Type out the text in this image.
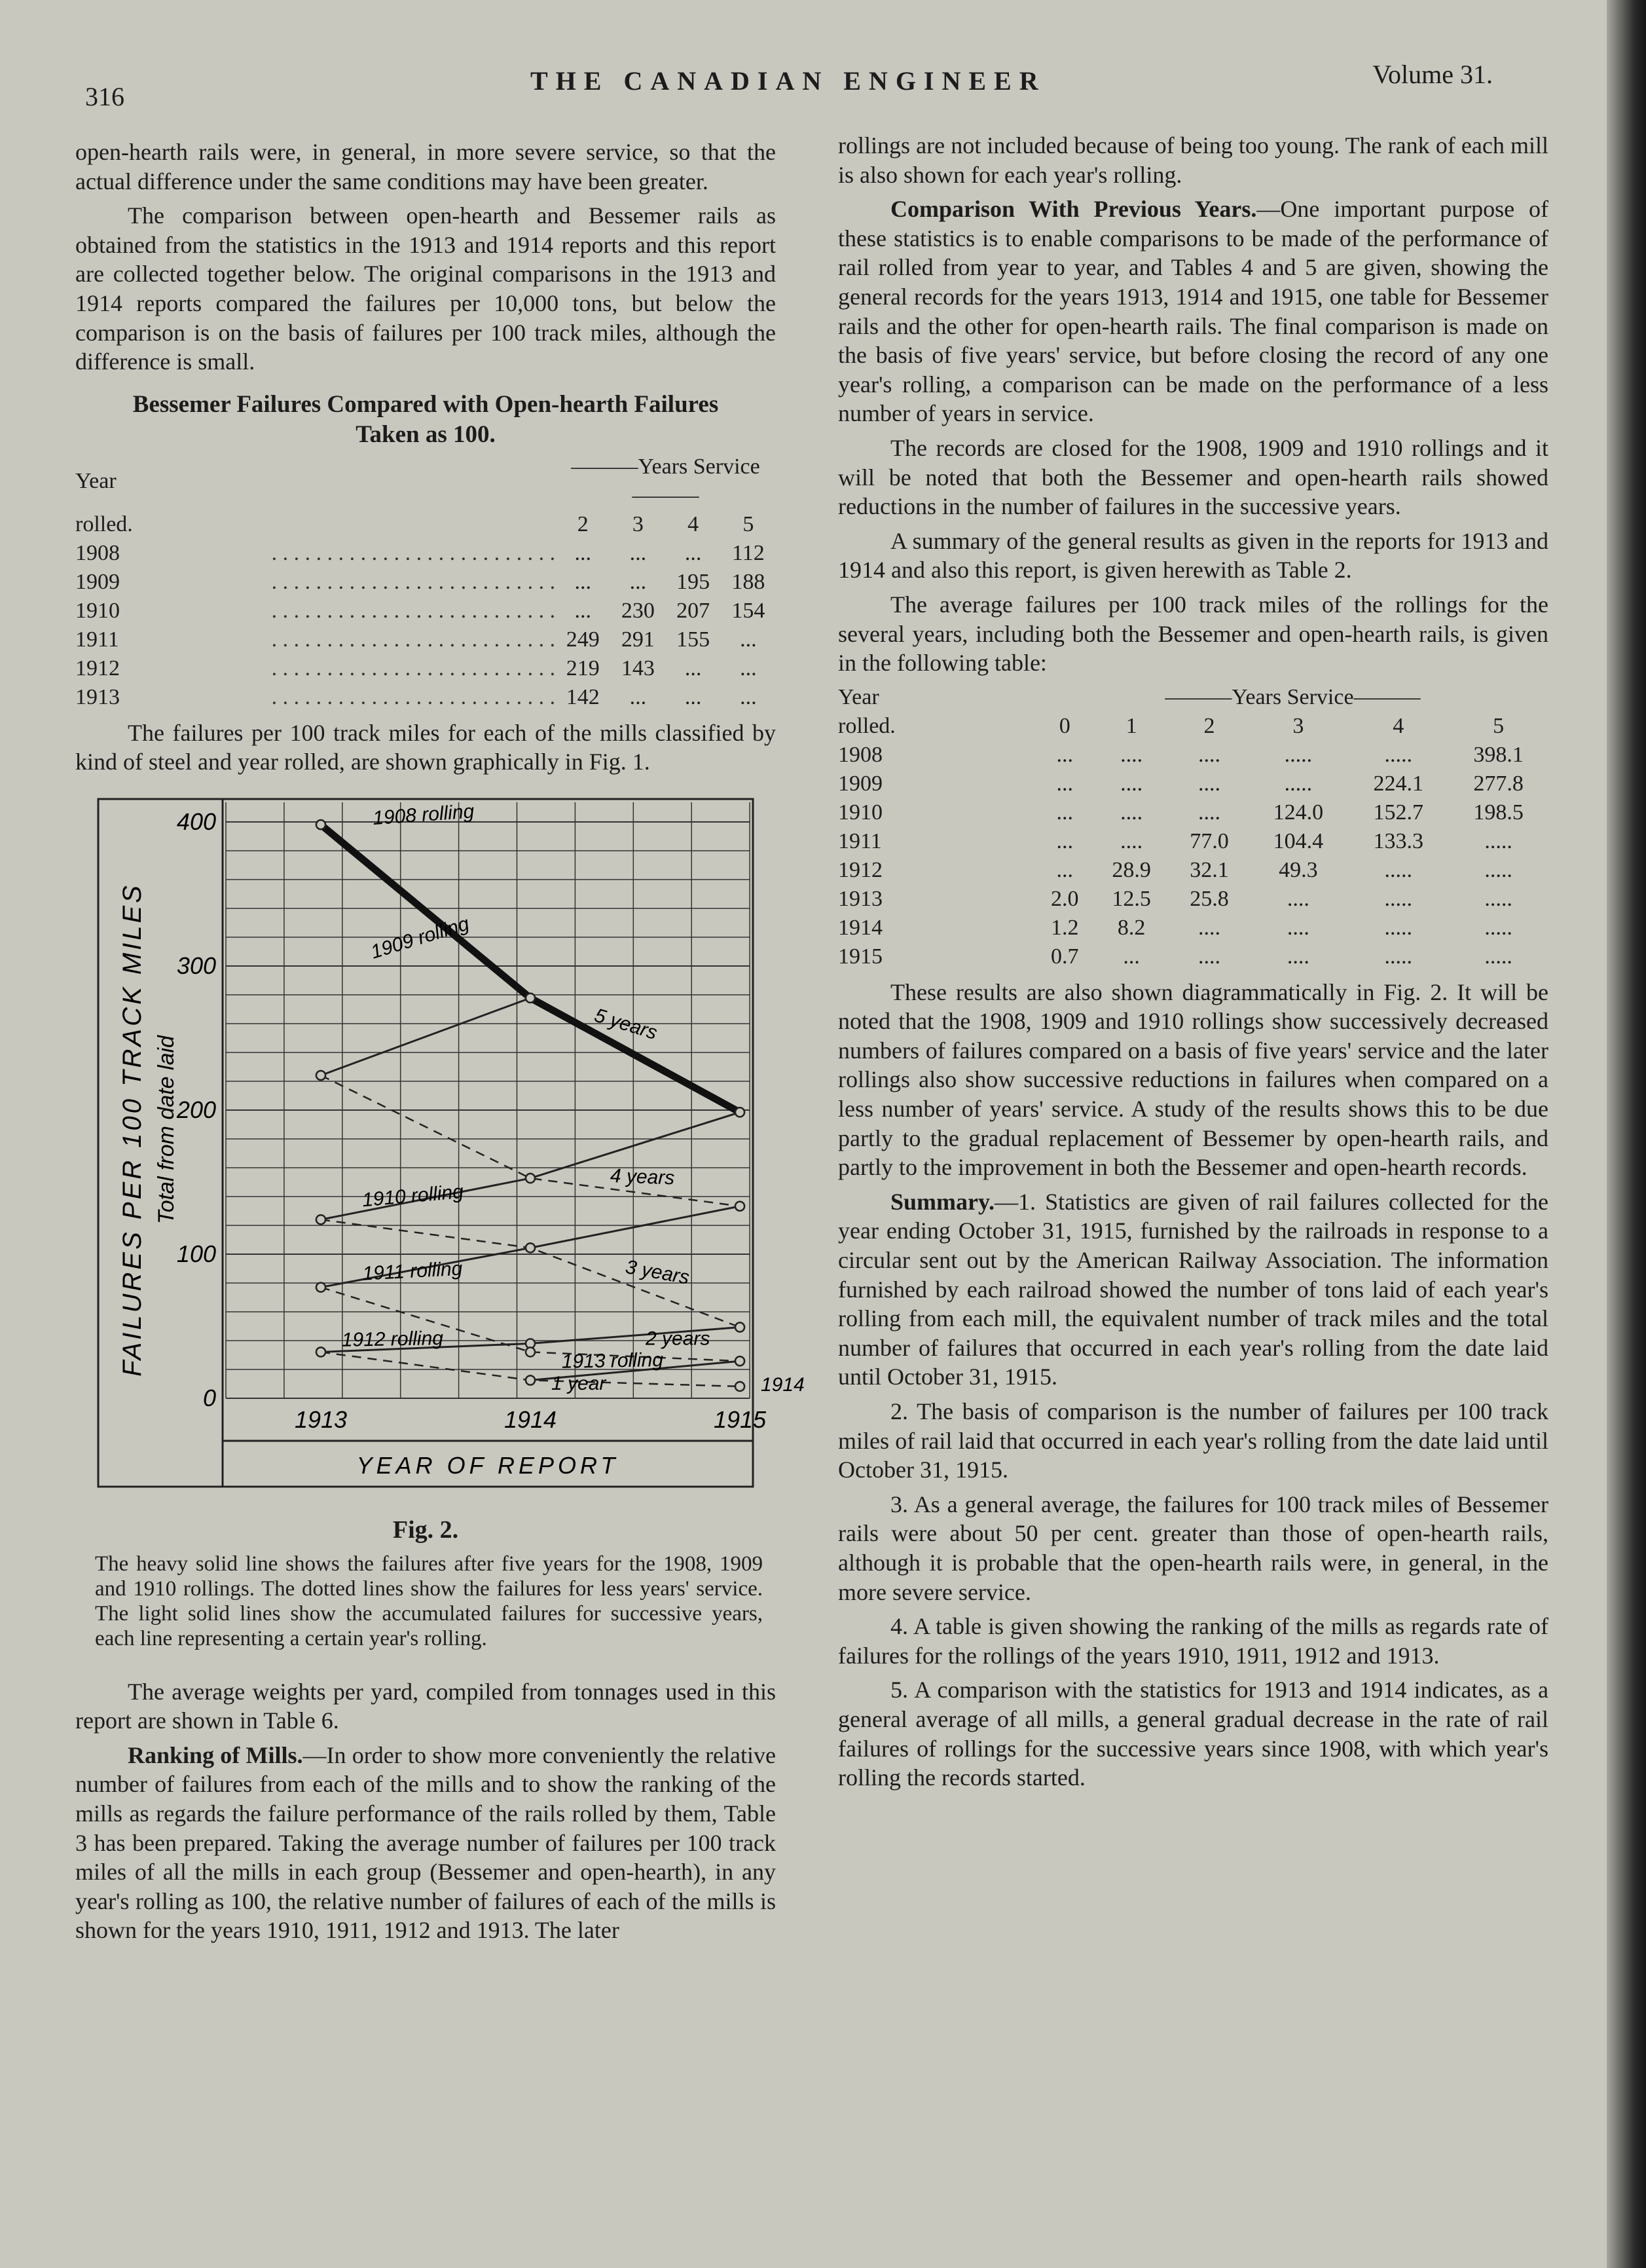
316
THE CANADIAN ENGINEER	Volume 31.

open-hearth rails were, in general, in more severe service, so that the actual difference under the same conditions may have been greater.

The comparison between open-hearth and Bessemer rails as obtained from the statistics in the 1913 and 1914 reports and this report are collected together below. The original comparisons in the 1913 and 1914 reports compared the failures per 10,000 tons, but below the comparison is on the basis of failures per 100 track miles, although the difference is small.

Bessemer Failures Compared with Open-hearth Failures
Taken as 100.
Year		———Years Service———			
rolled.		2	3	4	5
1908	. . . . . . . . . . . . . . . . . . . . . . . . . .	...	...	...	112
1909	. . . . . . . . . . . . . . . . . . . . . . . . . .	...	...	195	188
1910	. . . . . . . . . . . . . . . . . . . . . . . . . .	...	230	207	154
1911	. . . . . . . . . . . . . . . . . . . . . . . . . .	249	291	155	...
1912	. . . . . . . . . . . . . . . . . . . . . . . . . .	219	143	...	...
1913	. . . . . . . . . . . . . . . . . . . . . . . . . .	142	...	...	...

The failures per 100 track miles for each of the mills classified by kind of steel and year rolled, are shown graphically in Fig. 1.

0
100
200
300
400
1913	1914	1915
1908 rolling
1909 rolling
1910 rolling
1911 rolling
1912 rolling
1913 rolling
1914
5 years
4 years
3 years
2 years
1 year
FAILURES PER 100 TRACK MILES Total from date laid
YEAR OF REPORT
Fig. 2.
The heavy solid line shows the failures after five years for the 1908, 1909 and 1910 rollings. The dotted lines show the failures for less years' service. The light solid lines show the accumulated failures for successive years, each line representing a certain year's rolling.

The average weights per yard, compiled from tonnages used in this report are shown in Table 6.

Ranking of Mills.—In order to show more conveniently the relative number of failures from each of the mills and to show the ranking of the mills as regards the failure performance of the rails rolled by them, Table 3 has been prepared. Taking the average number of failures per 100 track miles of all the mills in each group (Bessemer and open-hearth), in any year's rolling as 100, the relative number of failures of each of the mills is shown for the years 1910, 1911, 1912 and 1913. The later

rollings are not included because of being too young. The rank of each mill is also shown for each year's rolling.

Comparison With Previous Years.—One important purpose of these statistics is to enable comparisons to be made of the performance of rail rolled from year to year, and Tables 4 and 5 are given, showing the general records for the years 1913, 1914 and 1915, one table for Bessemer rails and the other for open-hearth rails. The final comparison is made on the basis of five years' service, but before closing the record of any one year's rolling, a comparison can be made on the performance of a less number of years in service.

The records are closed for the 1908, 1909 and 1910 rollings and it will be noted that both the Bessemer and open-hearth rails showed reductions in the number of failures in the successive years.

A summary of the general results as given in the reports for 1913 and 1914 and also this report, is given herewith as Table 2.

The average failures per 100 track miles of the rollings for the several years, including both the Bessemer and open-hearth rails, is given in the following table:

Year	———Years Service———					
rolled.	0	1	2	3	4	5
1908	...	....	....	.....	.....	398.1
1909	...	....	....	.....	224.1	277.8
1910	...	....	....	124.0	152.7	198.5
1911	...	....	77.0	104.4	133.3	.....
1912	...	28.9	32.1	49.3	.....	.....
1913	2.0	12.5	25.8	....	.....	.....
1914	1.2	8.2	....	....	.....	.....
1915	0.7	...	....	....	.....	.....

These results are also shown diagrammatically in Fig. 2. It will be noted that the 1908, 1909 and 1910 rollings show successively decreased numbers of failures compared on a basis of five years' service and the later rollings also show successive reductions in failures when compared on a less number of years' service. A study of the results shows this to be due partly to the gradual replacement of Bessemer by open-hearth rails, and partly to the improvement in both the Bessemer and open-hearth records.

Summary.—1. Statistics are given of rail failures collected for the year ending October 31, 1915, furnished by the railroads in response to a circular sent out by the American Railway Association. The information furnished by each railroad showed the number of tons laid of each year's rolling from each mill, the equivalent number of track miles and the total number of failures that occurred in each year's rolling from the date laid until October 31, 1915.

2. The basis of comparison is the number of failures per 100 track miles of rail laid that occurred in each year's rolling from the date laid until October 31, 1915.

3. As a general average, the failures for 100 track miles of Bessemer rails were about 50 per cent. greater than those of open-hearth rails, although it is probable that the open-hearth rails were, in general, in the more severe service.

4. A table is given showing the ranking of the mills as regards rate of failures for the rollings of the years 1910, 1911, 1912 and 1913.

5. A comparison with the statistics for 1913 and 1914 indicates, as a general average of all mills, a general gradual decrease in the rate of rail failures of rollings for the successive years since 1908, with which year's rolling the records started.
